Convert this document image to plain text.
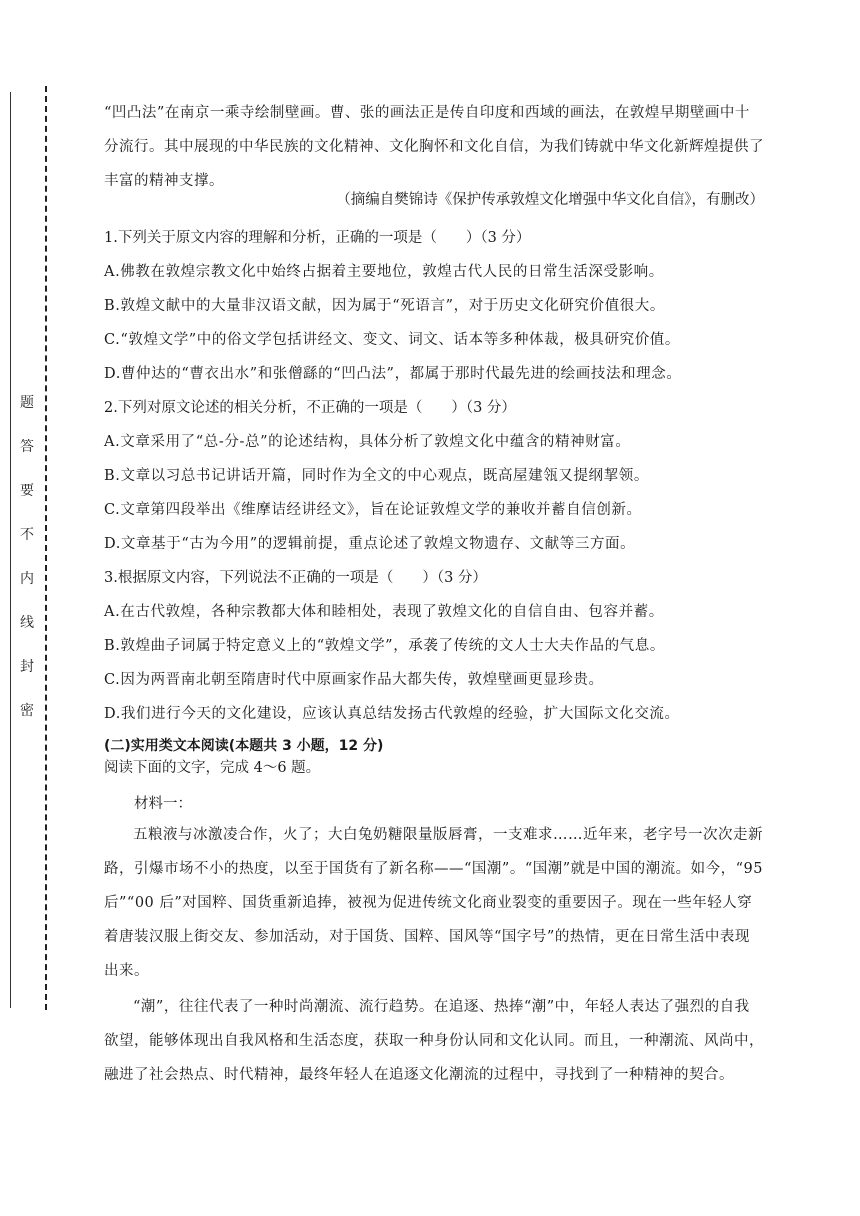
题
答
要
不
内
线
封
密
“凹凸法”在南京一乘寺绘制壁画。曹、张的画法正是传自印度和西域的画法，在敦煌早期壁画中十分流行。其中展现的中华民族的文化精神、文化胸怀和文化自信，为我们铸就中华文化新辉煌提供了丰富的精神支撑。
（摘编自樊锦诗《保护传承敦煌文化增强中华文化自信》，有删改）
1.下列关于原文内容的理解和分析，正确的一项是（　　）（3 分）
A.佛教在敦煌宗教文化中始终占据着主要地位，敦煌古代人民的日常生活深受影响。
B.敦煌文献中的大量非汉语文献，因为属于“死语言”，对于历史文化研究价值很大。
C.“敦煌文学”中的俗文学包括讲经文、变文、词文、话本等多种体裁，极具研究价值。
D.曹仲达的“曹衣出水”和张僧繇的“凹凸法”，都属于那时代最先进的绘画技法和理念。
2.下列对原文论述的相关分析，不正确的一项是（　　）（3 分）
A.文章采用了“总-分-总”的论述结构，具体分析了敦煌文化中蕴含的精神财富。
B.文章以习总书记讲话开篇，同时作为全文的中心观点，既高屋建瓴又提纲挈领。
C.文章第四段举出《维摩诘经讲经文》，旨在论证敦煌文学的兼收并蓄自信创新。
D.文章基于“古为今用”的逻辑前提，重点论述了敦煌文物遗存、文献等三方面。
3.根据原文内容，下列说法不正确的一项是（　　）（3 分）
A.在古代敦煌，各种宗教都大体和睦相处，表现了敦煌文化的自信自由、包容并蓄。
B.敦煌曲子词属于特定意义上的“敦煌文学”，承袭了传统的文人士大夫作品的气息。
C.因为两晋南北朝至隋唐时代中原画家作品大都失传，敦煌壁画更显珍贵。
D.我们进行今天的文化建设，应该认真总结发扬古代敦煌的经验，扩大国际文化交流。
(二)实用类文本阅读(本题共 3 小题，12 分)
阅读下面的文字，完成 4～6 题。
材料一：
五粮液与冰激凌合作，火了；大白兔奶糖限量版唇膏，一支难求……近年来，老字号一次次走新路，引爆市场不小的热度，以至于国货有了新名称——“国潮”。“国潮”就是中国的潮流。如今，“95 后”“00 后”对国粹、国货重新追捧，被视为促进传统文化商业裂变的重要因子。现在一些年轻人穿着唐装汉服上街交友、参加活动，对于国货、国粹、国风等“国字号”的热情，更在日常生活中表现出来。
“潮”，往往代表了一种时尚潮流、流行趋势。在追逐、热捧“潮”中，年轻人表达了强烈的自我欲望，能够体现出自我风格和生活态度，获取一种身份认同和文化认同。而且，一种潮流、风尚中，融进了社会热点、时代精神，最终年轻人在追逐文化潮流的过程中，寻找到了一种精神的契合。
